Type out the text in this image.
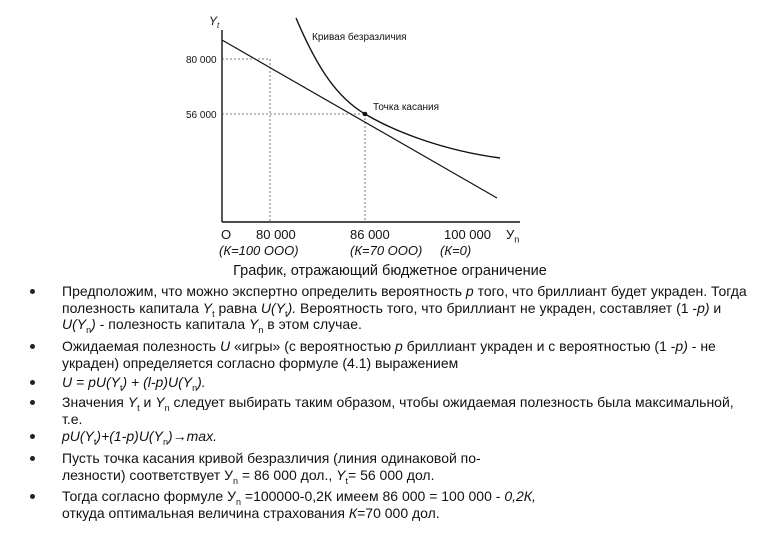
$Y_t$
80 000
56 000
Кривая безразличия
Точка касания
О 80 000	86 000	100 000 $У_n$
(К=100 ООО)	(К=70 ООО) (К=0)
График, отражающий бюджетное ограничение
Предположим, что можно экспертно определить вероятность р того, что бриллиант будет украден. Тогда полезность капитала $Y_t$ равна $U(Y_t)$. Вероятность того, что бриллиант не украден, составляет (1 -р) и $U(Y_n)$ - полезность капитала $Y_n$ в этом случае.
Ожидаемая полезность U «игры» (с вероятностью р бриллиант украден и с вероятностью (1 -р) - не украден) определяется согласно формуле (4.1) выражением
$U = pU(Y_t) + (l-p)U(Y_n)$.
Значения $Y_t$ и $Y_n$ следует выбирать таким образом, чтобы ожидаемая полезность была максимальной, т.е.
$pU(Y_t)+(1-p)U(Y_n)\to\max$.
Пусть точка касания кривой безразличия (линия одинаковой по-
лезности) соответствует $У_n = 86$ 000 дол., $Y_t= 56$ 000 дол.
Тогда согласно формуле $У_n =100000-0,2К$ имеем 86 000 = 100 000 - 0,2К,
откуда оптимальная величина страхования К=70 000 дол.
